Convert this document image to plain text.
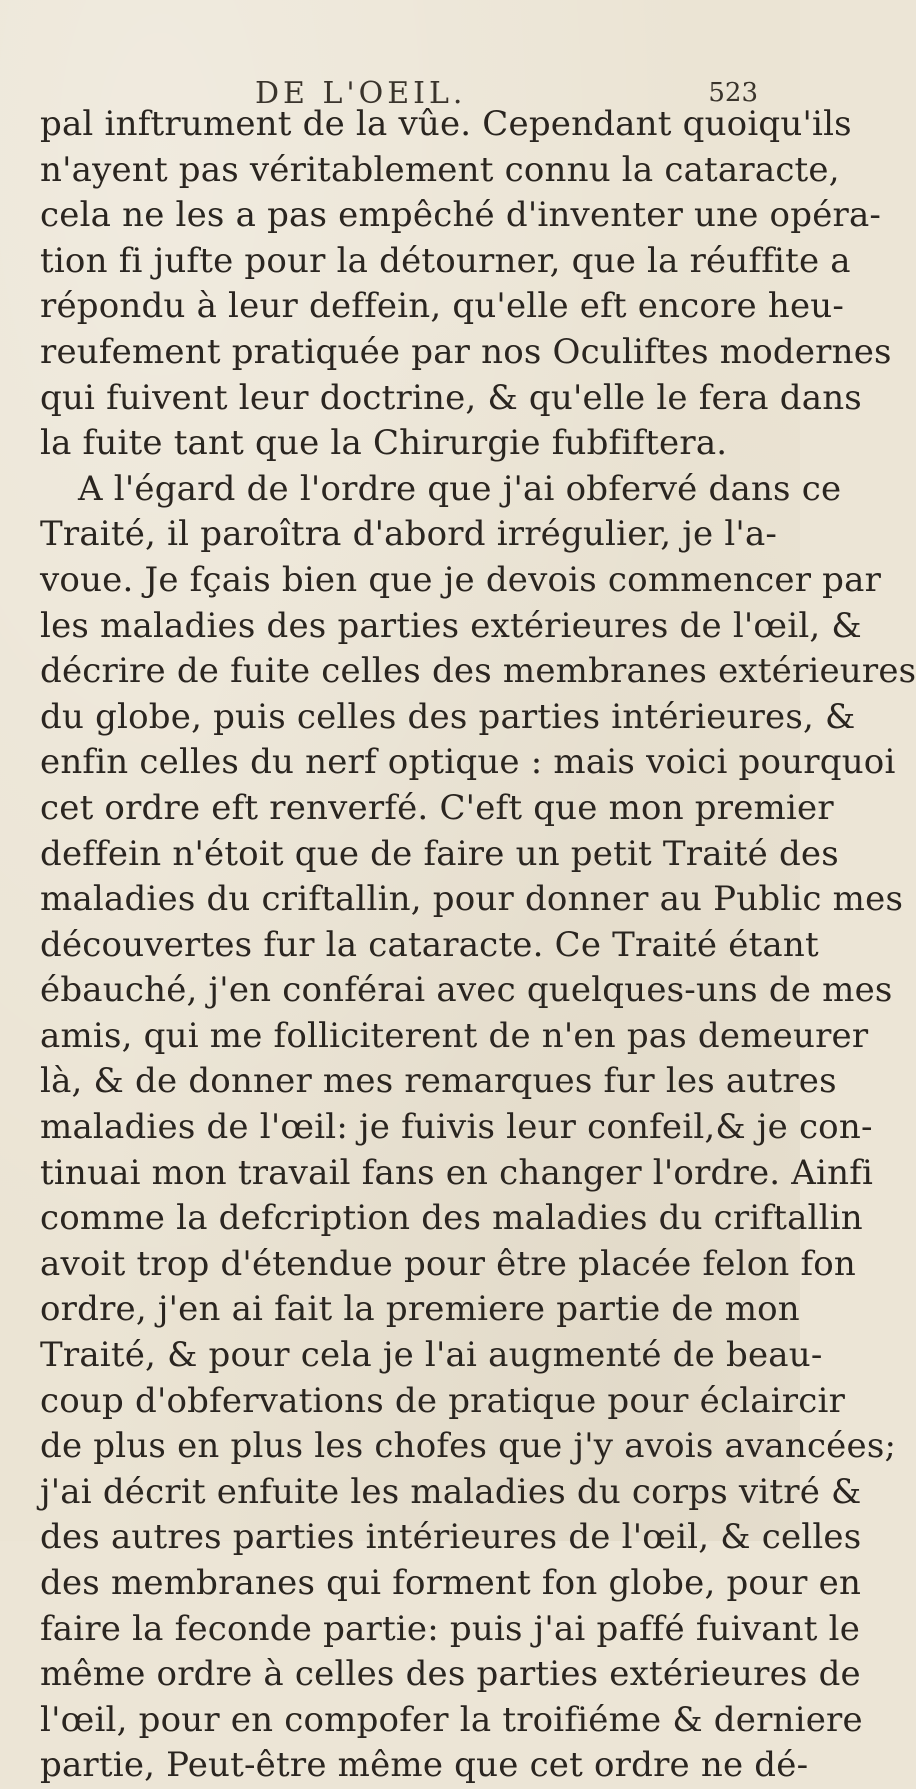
DE L'OEIL.	523
pal inftrument de la vûe. Cependant quoiqu'ils
n'ayent pas véritablement connu la cataracte,
cela ne les a pas empêché d'inventer une opéra-
tion fi jufte pour la détourner, que la réuffite a
répondu à leur deffein, qu'elle eft encore heu-
reufement pratiquée par nos Oculiftes modernes
qui fuivent leur doctrine, & qu'elle le fera dans
la fuite tant que la Chirurgie fubfiftera.
A l'égard de l'ordre que j'ai obfervé dans ce
Traité, il paroîtra d'abord irrégulier, je l'a-
voue. Je fçais bien que je devois commencer par
les maladies des parties extérieures de l'œil, &
décrire de fuite celles des membranes extérieures
du globe, puis celles des parties intérieures, &
enfin celles du nerf optique : mais voici pourquoi
cet ordre eft renverfé. C'eft que mon premier
deffein n'étoit que de faire un petit Traité des
maladies du criftallin, pour donner au Public mes
découvertes fur la cataracte. Ce Traité étant
ébauché, j'en conférai avec quelques-uns de mes
amis, qui me folliciterent de n'en pas demeurer
là, & de donner mes remarques fur les autres
maladies de l'œil: je fuivis leur confeil,& je con-
tinuai mon travail fans en changer l'ordre. Ainfi
comme la defcription des maladies du criftallin
avoit trop d'étendue pour être placée felon fon
ordre, j'en ai fait la premiere partie de mon
Traité, & pour cela je l'ai augmenté de beau-
coup d'obfervations de pratique pour éclaircir
de plus en plus les chofes que j'y avois avancées;
j'ai décrit enfuite les maladies du corps vitré &
des autres parties intérieures de l'œil, & celles
des membranes qui forment fon globe, pour en
faire la feconde partie: puis j'ai paffé fuivant le
même ordre à celles des parties extérieures de
l'œil, pour en compofer la troifiéme & derniere
partie, Peut-être même que cet ordre ne dé-
